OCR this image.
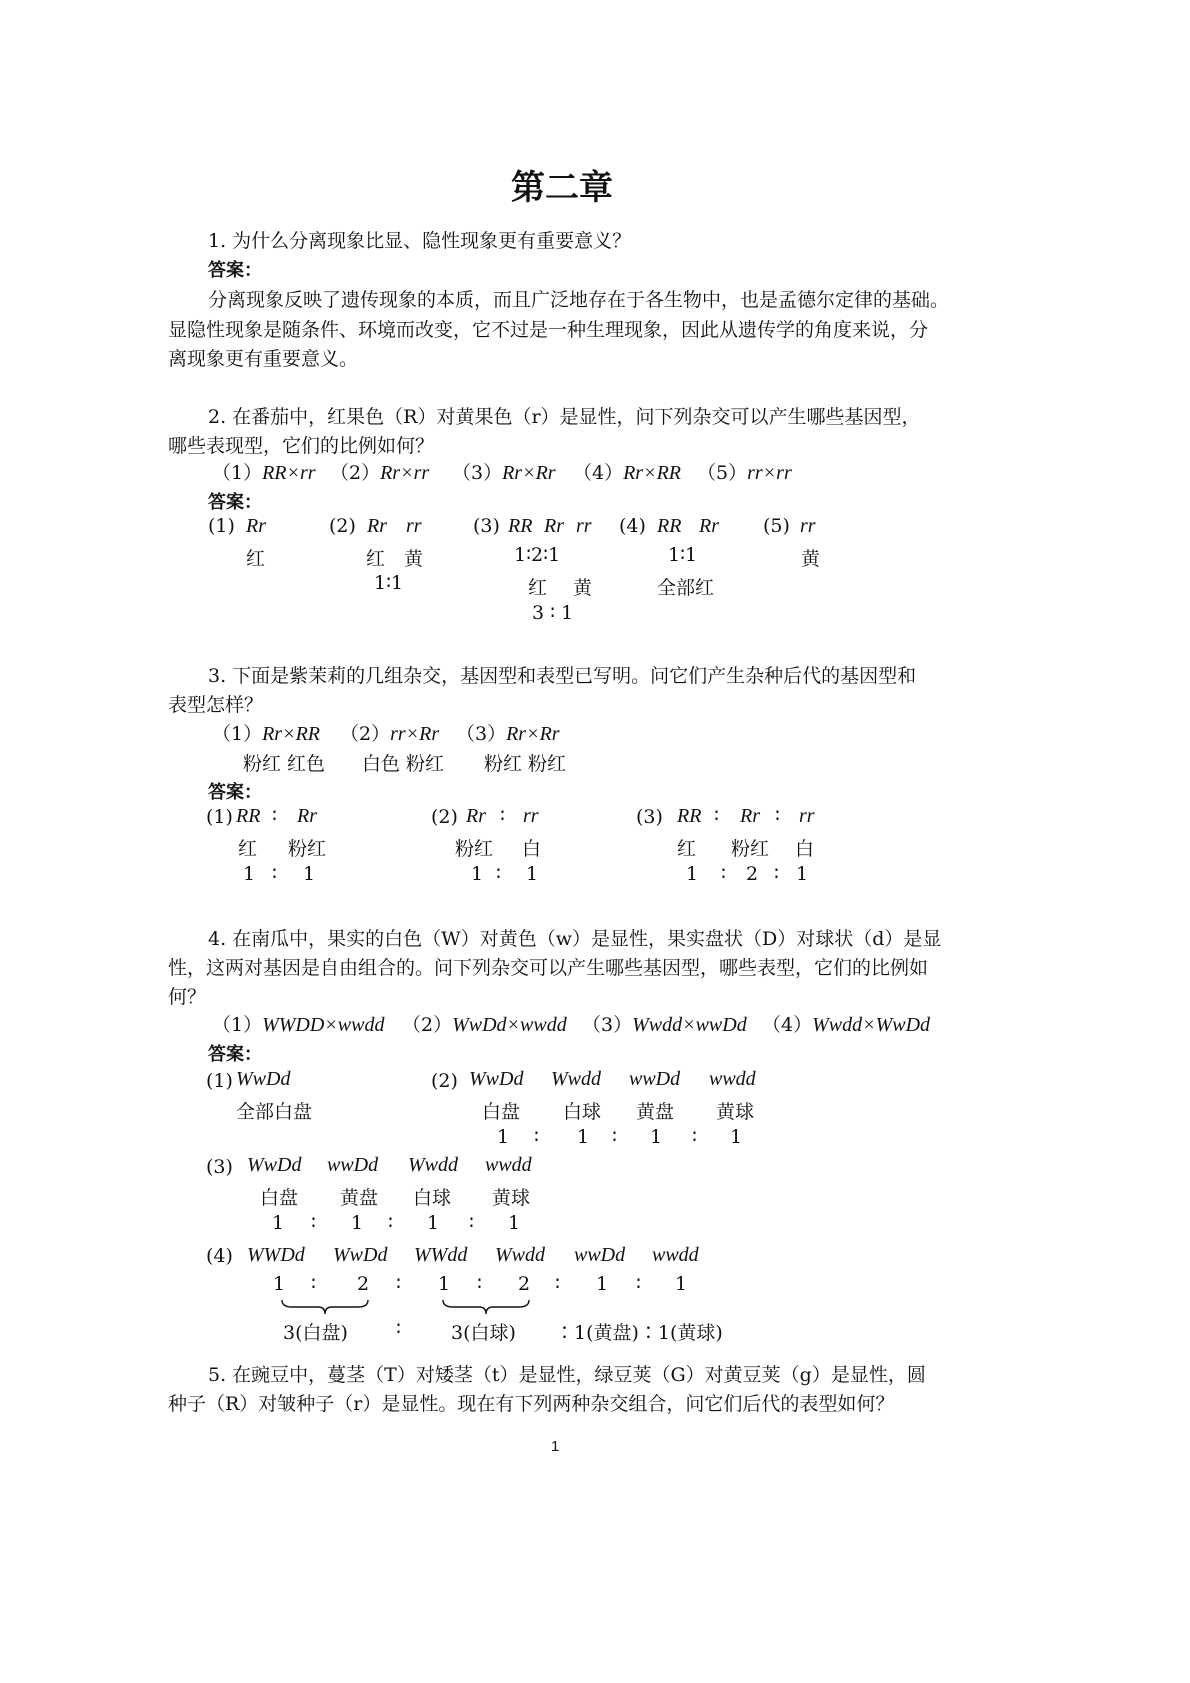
第二章
1. 为什么分离现象比显、隐性现象更有重要意义？
答案：
分离现象反映了遗传现象的本质，而且广泛地存在于各生物中，也是孟德尔定律的基础。
显隐性现象是随条件、环境而改变，它不过是一种生理现象，因此从遗传学的角度来说，分
离现象更有重要意义。
2. 在番茄中，红果色（R）对黄果色（r）是显性，问下列杂交可以产生哪些基因型，
哪些表现型，它们的比例如何？
（1）RR×rr （2）Rr×rr （3）Rr×Rr （4）Rr×RR （5）rr×rr
答案：
(1) Rr
红
(2) Rr rr
红 黄
1∶1
(3) RR Rr rr
1∶2∶1
红 黄
3 ∶ 1
(4) RR Rr
1∶1
全部红
(5) rr
黄
3. 下面是紫茉莉的几组杂交，基因型和表型已写明。问它们产生杂种后代的基因型和
表型怎样？
（1）Rr×RR （2）rr×Rr （3）Rr×Rr
粉红 红色 白色 粉红 粉红 粉红
答案：
(1) RR ∶ Rr
红 粉红
1 ∶ 1
(2) Rr ∶ rr
粉红 白
1 ∶ 1
(3) RR ∶ Rr ∶ rr
红 粉红 白
1 ∶ 2 ∶ 1
4. 在南瓜中，果实的白色（W）对黄色（w）是显性，果实盘状（D）对球状（d）是显
性，这两对基因是自由组合的。问下列杂交可以产生哪些基因型，哪些表型，它们的比例如
何？
（1）WWDD×wwdd （2）WwDd×wwdd （3）Wwdd×wwDd （4）Wwdd×WwDd
答案：
(1) WwDd
全部白盘
(2) WwDd Wwdd wwDd wwdd
白盘 白球 黄盘 黄球
1 ∶ 1 ∶ 1 ∶ 1
(3) WwDd wwDd Wwdd wwdd
白盘 黄盘 白球 黄球
1 ∶ 1 ∶ 1 ∶ 1
(4) WWDd WwDd WWdd Wwdd wwDd wwdd
1 ∶ 2 ∶ 1 ∶ 2 ∶ 1 ∶ 1
3(白盘)	∶	3(白球) ∶1(黄盘)∶1(黄球)
5. 在豌豆中，蔓茎（T）对矮茎（t）是显性，绿豆荚（G）对黄豆荚（g）是显性，圆
种子（R）对皱种子（r）是显性。现在有下列两种杂交组合，问它们后代的表型如何？
1
